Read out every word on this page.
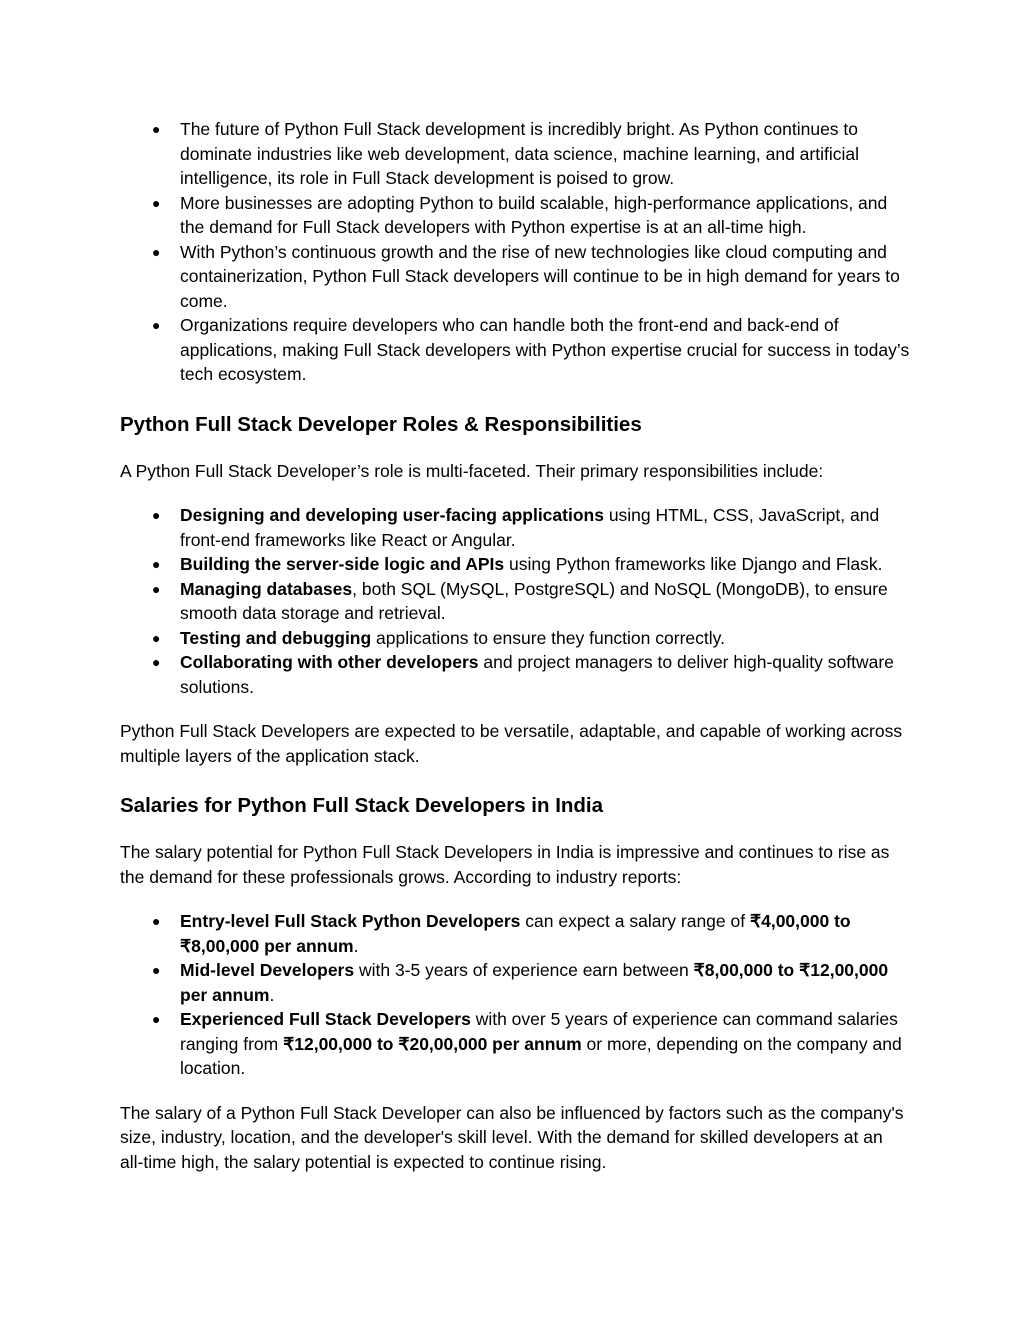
● The future of Python Full Stack development is incredibly bright. As Python continues to dominate industries like web development, data science, machine learning, and artificial intelligence, its role in Full Stack development is poised to grow.
● More businesses are adopting Python to build scalable, high-performance applications, and the demand for Full Stack developers with Python expertise is at an all-time high.
● With Python’s continuous growth and the rise of new technologies like cloud computing and containerization, Python Full Stack developers will continue to be in high demand for years to come.
● Organizations require developers who can handle both the front-end and back-end of applications, making Full Stack developers with Python expertise crucial for success in today’s tech ecosystem.
Python Full Stack Developer Roles & Responsibilities

A Python Full Stack Developer’s role is multi-faceted. Their primary responsibilities include:

● Designing and developing user-facing applications using HTML, CSS, JavaScript, and front-end frameworks like React or Angular.
● Building the server-side logic and APIs using Python frameworks like Django and Flask.
● Managing databases, both SQL (MySQL, PostgreSQL) and NoSQL (MongoDB), to ensure smooth data storage and retrieval.
● Testing and debugging applications to ensure they function correctly.
● Collaborating with other developers and project managers to deliver high-quality software solutions.

Python Full Stack Developers are expected to be versatile, adaptable, and capable of working across multiple layers of the application stack.

Salaries for Python Full Stack Developers in India

The salary potential for Python Full Stack Developers in India is impressive and continues to rise as the demand for these professionals grows. According to industry reports:

● Entry-level Full Stack Python Developers can expect a salary range of ₹4,00,000 to ₹8,00,000 per annum.
● Mid-level Developers with 3-5 years of experience earn between ₹8,00,000 to ₹12,00,000 per annum.
● Experienced Full Stack Developers with over 5 years of experience can command salaries ranging from ₹12,00,000 to ₹20,00,000 per annum or more, depending on the company and location.

The salary of a Python Full Stack Developer can also be influenced by factors such as the company's size, industry, location, and the developer's skill level. With the demand for skilled developers at an all-time high, the salary potential is expected to continue rising.
